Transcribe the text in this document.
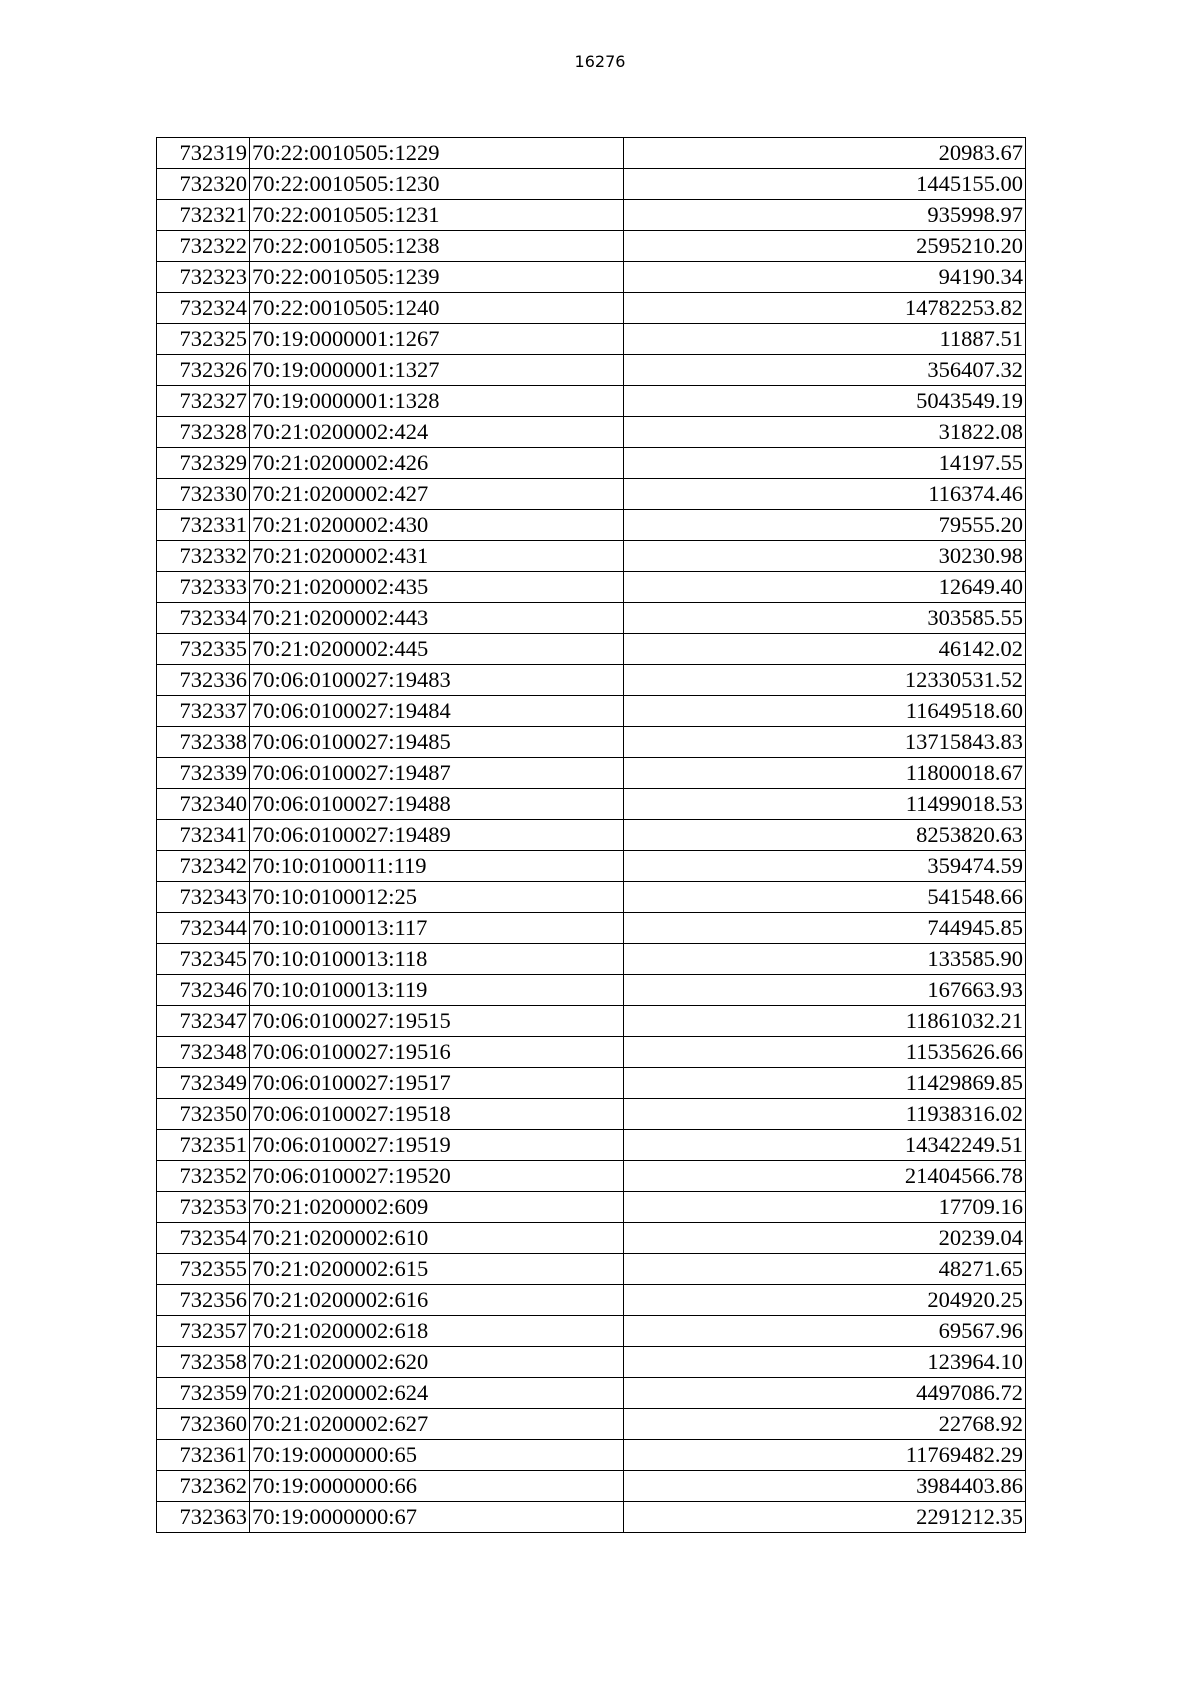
16276
732319	70:22:0010505:1229	20983.67
732320	70:22:0010505:1230	1445155.00
732321	70:22:0010505:1231	935998.97
732322	70:22:0010505:1238	2595210.20
732323	70:22:0010505:1239	94190.34
732324	70:22:0010505:1240	14782253.82
732325	70:19:0000001:1267	11887.51
732326	70:19:0000001:1327	356407.32
732327	70:19:0000001:1328	5043549.19
732328	70:21:0200002:424	31822.08
732329	70:21:0200002:426	14197.55
732330	70:21:0200002:427	116374.46
732331	70:21:0200002:430	79555.20
732332	70:21:0200002:431	30230.98
732333	70:21:0200002:435	12649.40
732334	70:21:0200002:443	303585.55
732335	70:21:0200002:445	46142.02
732336	70:06:0100027:19483	12330531.52
732337	70:06:0100027:19484	11649518.60
732338	70:06:0100027:19485	13715843.83
732339	70:06:0100027:19487	11800018.67
732340	70:06:0100027:19488	11499018.53
732341	70:06:0100027:19489	8253820.63
732342	70:10:0100011:119	359474.59
732343	70:10:0100012:25	541548.66
732344	70:10:0100013:117	744945.85
732345	70:10:0100013:118	133585.90
732346	70:10:0100013:119	167663.93
732347	70:06:0100027:19515	11861032.21
732348	70:06:0100027:19516	11535626.66
732349	70:06:0100027:19517	11429869.85
732350	70:06:0100027:19518	11938316.02
732351	70:06:0100027:19519	14342249.51
732352	70:06:0100027:19520	21404566.78
732353	70:21:0200002:609	17709.16
732354	70:21:0200002:610	20239.04
732355	70:21:0200002:615	48271.65
732356	70:21:0200002:616	204920.25
732357	70:21:0200002:618	69567.96
732358	70:21:0200002:620	123964.10
732359	70:21:0200002:624	4497086.72
732360	70:21:0200002:627	22768.92
732361	70:19:0000000:65	11769482.29
732362	70:19:0000000:66	3984403.86
732363	70:19:0000000:67	2291212.35
